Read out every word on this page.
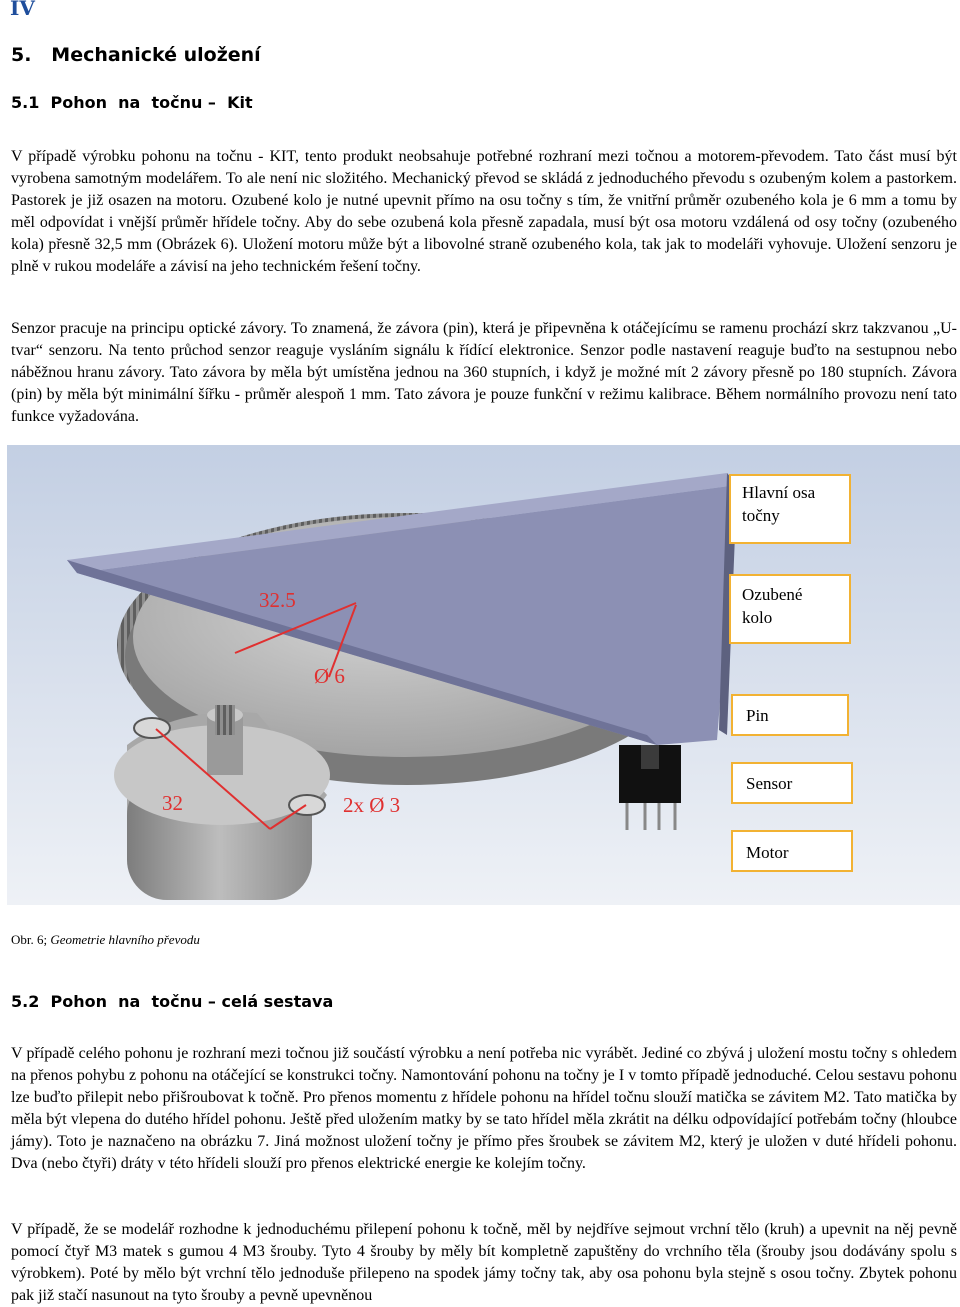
IV

5.   Mechanické uložení
5.1  Pohon  na  točnu –  Kit

V případě výrobku pohonu na točnu - KIT, tento produkt neobsahuje potřebné rozhraní mezi točnou a motorem-převodem. Tato část musí být vyrobena samotným modelářem. To ale není nic složitého. Mechanický převod se skládá z jednoduchého převodu s ozubeným kolem a pastorkem. Pastorek je již osazen na motoru. Ozubené kolo je nutné upevnit přímo na osu točny s tím, že vnitřní průměr ozubeného kola je 6 mm a tomu by měl odpovídat i vnější průměr hřídele točny. Aby do sebe ozubená kola přesně zapadala, musí být osa motoru vzdálená od osy točny (ozubeného kola) přesně 32,5 mm (Obrázek 6). Uložení motoru může být a libovolné straně ozubeného kola, tak jak to modeláři vyhovuje. Uložení senzoru je plně v rukou modeláře a závisí na jeho technickém řešení točny.

Senzor pracuje na principu optické závory. To znamená, že závora (pin), která je připevněna k otáčejícímu se ramenu prochází skrz takzvanou „U-tvar“ senzoru. Na tento průchod senzor reaguje vysláním signálu k řídící elektronice. Senzor podle nastavení reaguje buďto na sestupnou nebo náběžnou hranu závory. Tato závora by měla být umístěna jednou na 360 stupních, i když je možné mít 2 závory přesně po 180 stupních. Závora (pin) by měla být minimální šířku - průměr alespoň 1 mm. Tato závora je pouze funkční v režimu kalibrace. Během normálního provozu není tato funkce vyžadována.

32.5
Ø 6
32	2x Ø 3
Hlavní osa
točny
Ozubené
kolo
Pin
Sensor
Motor

Obr. 6; Geometrie hlavního převodu

5.2  Pohon  na  točnu – celá sestava

V případě celého pohonu je rozhraní mezi točnou již součástí výrobku a není potřeba nic vyrábět. Jediné co zbývá j uložení mostu točny s ohledem na přenos pohybu z pohonu na otáčející se konstrukci točny. Namontování pohonu na točny je I v tomto případě jednoduché. Celou sestavu pohonu lze buďto přilepit nebo přišroubovat k točně. Pro přenos momentu z hřídele pohonu na hřídel točnu slouží matička se závitem M2. Tato matička by měla být vlepena do dutého hřídel pohonu. Ještě před uložením matky by se tato hřídel měla zkrátit na délku odpovídající potřebám točny (hloubce jámy). Toto je naznačeno na obrázku 7. Jiná možnost uložení točny je přímo přes šroubek se závitem M2, který je uložen v duté hřídeli pohonu. Dva (nebo čtyři) dráty v této hřídeli slouží pro přenos elektrické energie ke kolejím točny.

V případě, že se modelář rozhodne k jednoduchému přilepení pohonu k točně, měl by nejdříve sejmout vrchní tělo (kruh) a upevnit na něj pevně pomocí čtyř M3 matek s gumou 4 M3 šrouby. Tyto 4 šrouby by měly bít kompletně zapuštěny do vrchního těla (šrouby jsou dodávány spolu s výrobkem). Poté by mělo být vrchní tělo jednoduše přilepeno na spodek jámy točny tak, aby osa pohonu byla stejně s osou točny. Zbytek pohonu pak již stačí nasunout na tyto šrouby a pevně upevněnou
